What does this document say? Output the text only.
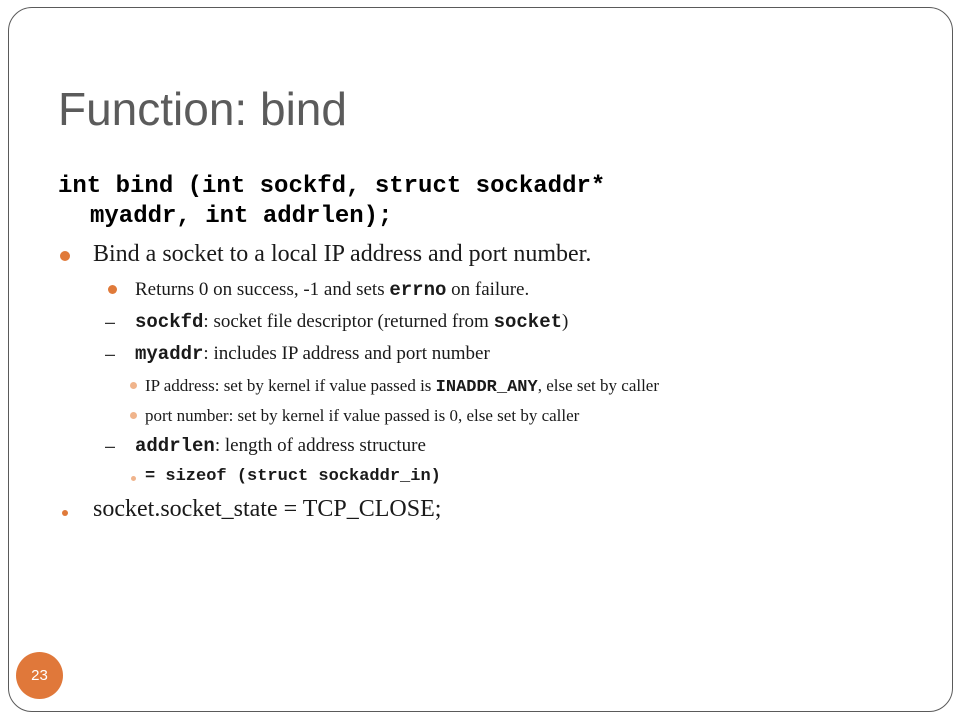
Function: bind
int bind (int sockfd, struct sockaddr*
myaddr, int addrlen);
Bind a socket to a local IP address and port number.
Returns 0 on success, -1 and sets errno on failure.
– sockfd: socket file descriptor (returned from socket)
– myaddr: includes IP address and port number
IP address: set by kernel if value passed is INADDR_ANY, else set by caller
port number: set by kernel if value passed is 0, else set by caller
– addrlen: length of address structure
= sizeof (struct sockaddr_in)
socket.socket_state = TCP_CLOSE;
23
